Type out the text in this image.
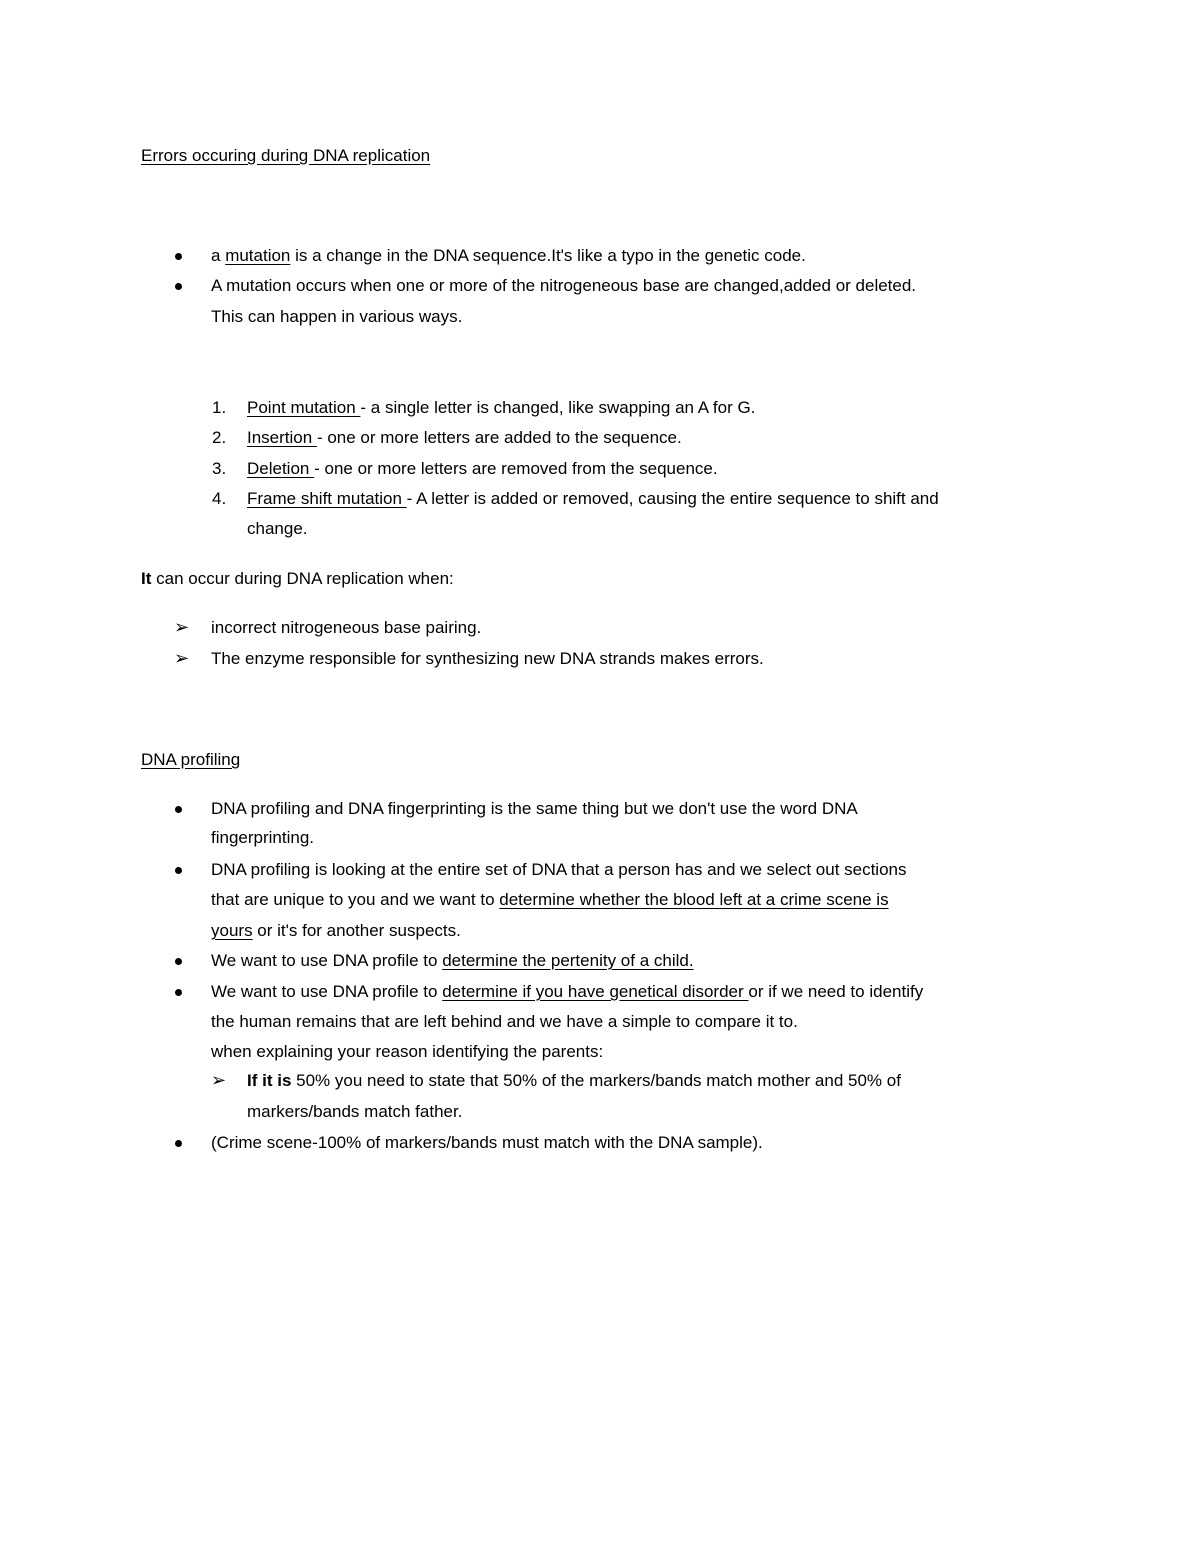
Errors occuring during DNA replication
a mutation is a change in the DNA sequence.It's like a typo in the genetic code.
A mutation occurs when one or more of the nitrogeneous base are changed,added or deleted.
This can happen in various ways.
1. Point mutation - a single letter is changed, like swapping an A for G.
2. Insertion - one or more letters are added to the sequence.
3. Deletion - one or more letters are removed from the sequence.
4. Frame shift mutation - A letter is added or removed, causing the entire sequence to shift and
change.
It can occur during DNA replication when:
➢ incorrect nitrogeneous base pairing.
➢ The enzyme responsible for synthesizing new DNA strands makes errors.
DNA profiling
DNA profiling and DNA fingerprinting is the same thing but we don't use the word DNA
fingerprinting.
DNA profiling is looking at the entire set of DNA that a person has and we select out sections
that are unique to you and we want to determine whether the blood left at a crime scene is
yours or it's for another suspects.
We want to use DNA profile to determine the pertenity of a child.
We want to use DNA profile to determine if you have genetical disorder or if we need to identify
the human remains that are left behind and we have a simple to compare it to.
when explaining your reason identifying the parents:
➢ If it is 50% you need to state that 50% of the markers/bands match mother and 50% of
markers/bands match father.
(Crime scene-100% of markers/bands must match with the DNA sample).
